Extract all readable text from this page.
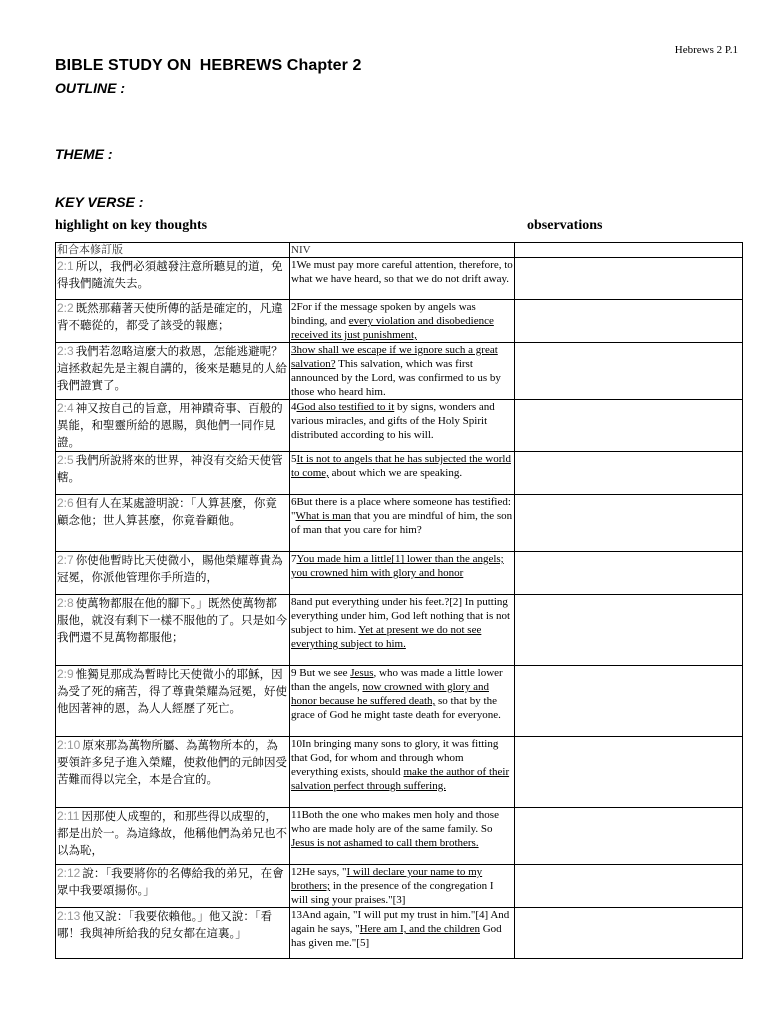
Hebrews 2 P.1
BIBLE STUDY ON HEBREWS Chapter 2
OUTLINE :
THEME :
KEY VERSE :
highlight on key thoughts	observations
和合本修訂版	NIV	
2:1 所以，我們必須越發注意所聽見的道，免得我們隨流失去。	1We must pay more careful attention, therefore, to what we have heard, so that we do not drift away.	
2:2 既然那藉著天使所傳的話是確定的，凡違背不聽從的，都受了該受的報應；	2For if the message spoken by angels was binding, and every violation and disobedience received its just punishment,	
2:3 我們若忽略這麼大的救恩，怎能逃避呢？這拯救起先是主親自講的，後來是聽見的人給我們證實了。	3how shall we escape if we ignore such a great salvation? This salvation, which was first announced by the Lord, was confirmed to us by those who heard him.	
2:4 神又按自己的旨意，用神蹟奇事、百般的異能，和聖靈所給的恩賜，與他們一同作見證。	4God also testified to it by signs, wonders and various miracles, and gifts of the Holy Spirit distributed according to his will.	
2:5 我們所說將來的世界，神沒有交給天使管轄。	5It is not to angels that he has subjected the world to come, about which we are speaking.	
2:6 但有人在某處證明說：「人算甚麼，你竟顧念他；世人算甚麼，你竟眷顧他。	6But there is a place where someone has testified: "What is man that you are mindful of him, the son of man that you care for him?	
2:7 你使他暫時比天使微小，賜他榮耀尊貴為冠冕，你派他管理你手所造的，	7You made him a little[1] lower than the angels; you crowned him with glory and honor	
2:8 使萬物都服在他的腳下。」既然使萬物都服他，就沒有剩下一樣不服他的了。只是如今我們還不見萬物都服他；	8and put everything under his feet.?[2] In putting everything under him, God left nothing that is not subject to him. Yet at present we do not see everything subject to him.	
2:9 惟獨見那成為暫時比天使微小的耶穌，因為受了死的痛苦，得了尊貴榮耀為冠冕，好使他因著神的恩，為人人經歷了死亡。	9 But we see Jesus, who was made a little lower than the angels, now crowned with glory and honor because he suffered death, so that by the grace of God he might taste death for everyone.	
2:10 原來那為萬物所屬、為萬物所本的，為要領許多兒子進入榮耀，使救他們的元帥因受苦難而得以完全，本是合宜的。	10In bringing many sons to glory, it was fitting that God, for whom and through whom everything exists, should make the author of their salvation perfect through suffering.	
2:11 因那使人成聖的，和那些得以成聖的，都是出於一。為這緣故，他稱他們為弟兄也不以為恥，	11Both the one who makes men holy and those who are made holy are of the same family. So Jesus is not ashamed to call them brothers.	
2:12 說：「我要將你的名傳給我的弟兄，在會眾中我要頌揚你。」	12He says, "I will declare your name to my brothers; in the presence of the congregation I will sing your praises."[3]	
2:13 他又說：「我要依賴他。」他又說：「看哪！我與神所給我的兒女都在這裏。」	13And again, "I will put my trust in him."[4] And again he says, "Here am I, and the children God has given me."[5]	
